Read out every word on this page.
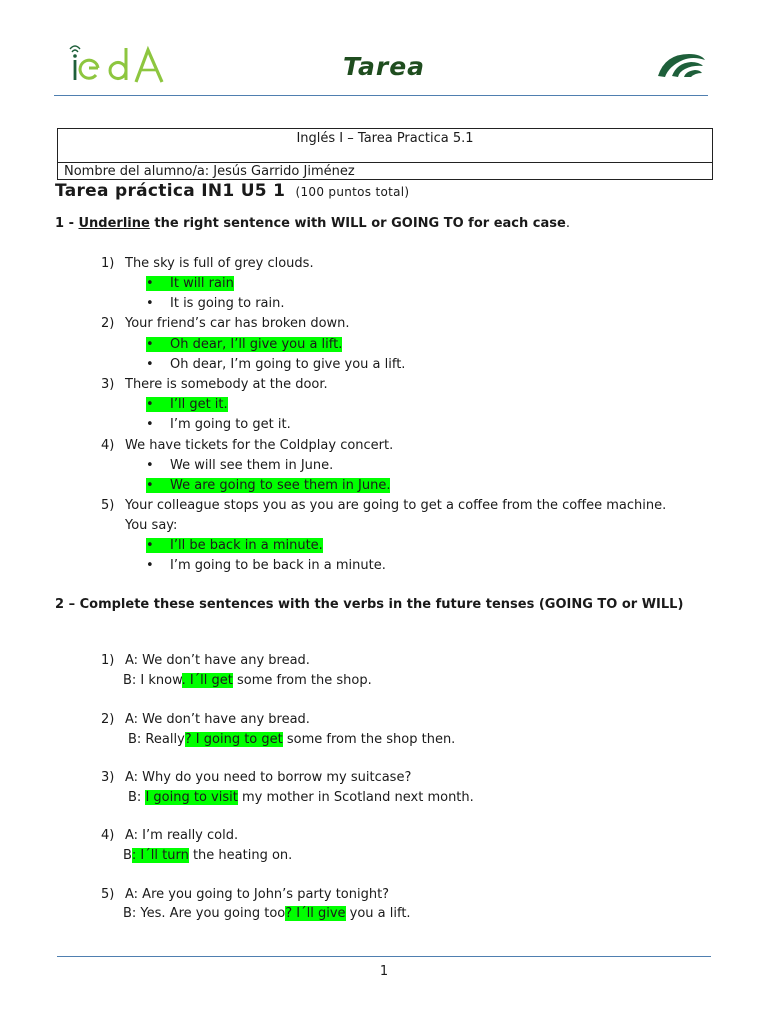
Tarea
Inglés I – Tarea Practica 5.1
Nombre del alumno/a: Jesús Garrido Jiménez
Tarea práctica IN1 U5 1 (100 puntos total)
1 - Underline the right sentence with WILL or GOING TO for each case.
1) The sky is full of grey clouds.
• It will rain
• It is going to rain.
2) Your friend’s car has broken down.
• Oh dear, I’ll give you a lift.
• Oh dear, I’m going to give you a lift.
3) There is somebody at the door.
• I’ll get it.
• I’m going to get it.
4) We have tickets for the Coldplay concert.
• We will see them in June.
• We are going to see them in June.
5) Your colleague stops you as you are going to get a coffee from the coffee machine.
You say:
• I’ll be back in a minute.
• I’m going to be back in a minute.
2 – Complete these sentences with the verbs in the future tenses (GOING TO or WILL)
1) A: We don’t have any bread.
B: I know. I´ll get some from the shop.
2) A: We don’t have any bread.
B: Really? I going to get some from the shop then.
3) A: Why do you need to borrow my suitcase?
B: I going to visit my mother in Scotland next month.
4) A: I’m really cold.
B: I´ll turn the heating on.
5) A: Are you going to John’s party tonight?
B: Yes. Are you going too? I´ll give you a lift.
1
